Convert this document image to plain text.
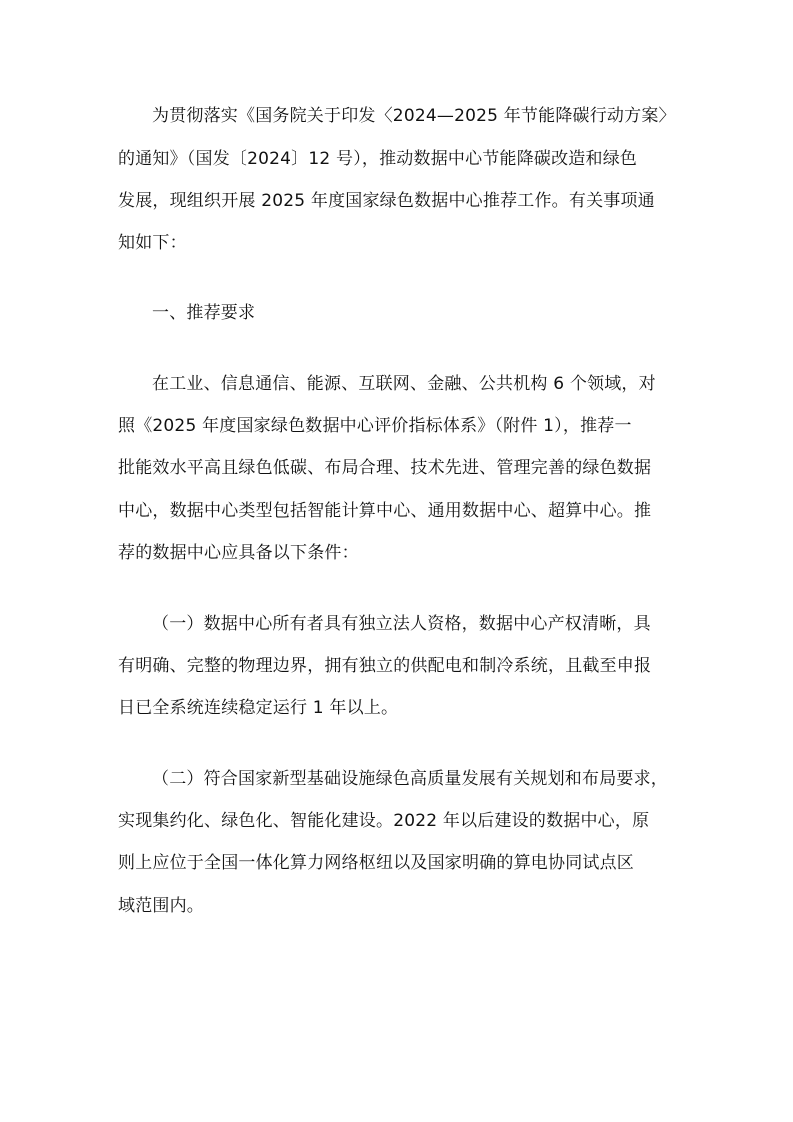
为贯彻落实《国务院关于印发〈2024—2025 年节能降碳行动方案〉
的通知》（国发〔2024〕12 号），推动数据中心节能降碳改造和绿色
发展，现组织开展 2025 年度国家绿色数据中心推荐工作。有关事项通
知如下：
一、推荐要求
在工业、信息通信、能源、互联网、金融、公共机构 6 个领域，对
照《2025 年度国家绿色数据中心评价指标体系》（附件 1），推荐一
批能效水平高且绿色低碳、布局合理、技术先进、管理完善的绿色数据
中心，数据中心类型包括智能计算中心、通用数据中心、超算中心。推
荐的数据中心应具备以下条件：
（一）数据中心所有者具有独立法人资格，数据中心产权清晰，具
有明确、完整的物理边界，拥有独立的供配电和制冷系统，且截至申报
日已全系统连续稳定运行 1 年以上。
（二）符合国家新型基础设施绿色高质量发展有关规划和布局要求，
实现集约化、绿色化、智能化建设。2022 年以后建设的数据中心，原
则上应位于全国一体化算力网络枢纽以及国家明确的算电协同试点区
域范围内。
